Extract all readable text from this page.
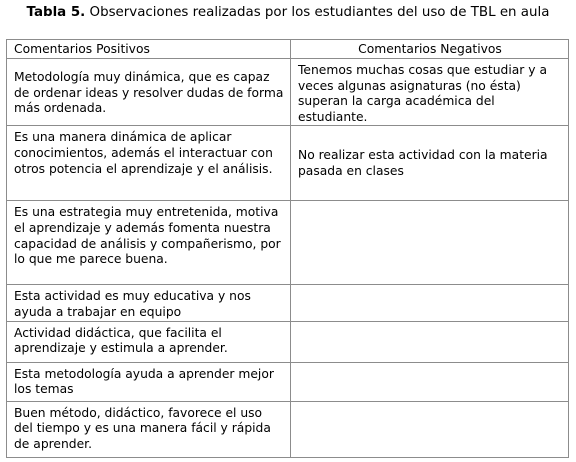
Tabla 5. Observaciones realizadas por los estudiantes del uso de TBL en aula
Comentarios Positivos	Comentarios Negativos
Metodología muy dinámica, que es capaz de ordenar ideas y resolver dudas de forma más ordenada.	Tenemos muchas cosas que estudiar y a veces algunas asignaturas (no ésta) superan la carga académica del estudiante.
Es una manera dinámica de aplicar conocimientos, además el interactuar con otros potencia el aprendizaje y el análisis.	No realizar esta actividad con la materia pasada en clases
Es una estrategia muy entretenida, motiva el aprendizaje y además fomenta nuestra capacidad de análisis y compañerismo, por lo que me parece buena.	
Esta actividad es muy educativa y nos ayuda a trabajar en equipo	
Actividad didáctica, que facilita el aprendizaje y estimula a aprender.	
Esta metodología ayuda a aprender mejor los temas	
Buen método, didáctico, favorece el uso del tiempo y es una manera fácil y rápida de aprender.	
